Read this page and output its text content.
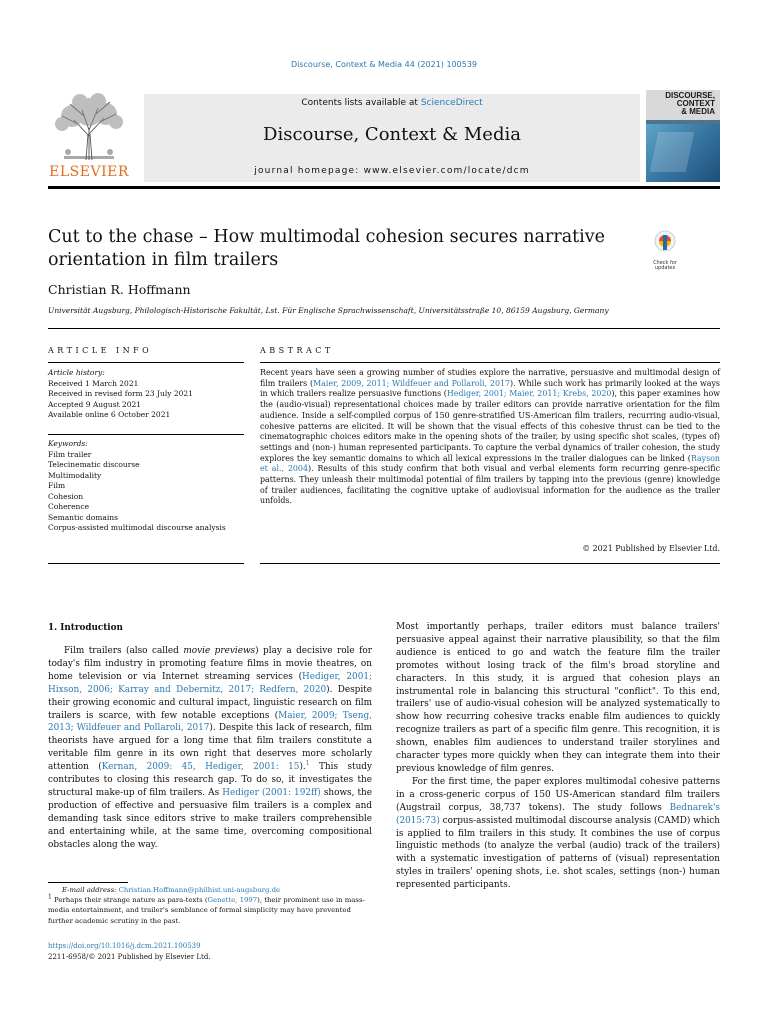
Discourse, Context & Media 44 (2021) 100539
ELSEVIER
Contents lists available at ScienceDirect
Discourse, Context & Media
journal homepage: www.elsevier.com/locate/dcm
DISCOURSE,
CONTEXT
& MEDIA
Cut to the chase – How multimodal cohesion secures narrative orientation in film trailers	Check for
updates
Christian R. Hoffmann
Universität Augsburg, Philologisch-Historische Fakultät, Lst. Für Englische Sprachwissenschaft, Universitätsstraße 10, 86159 Augsburg, Germany
ARTICLE INFO	ABSTRACT
Article history:
Received 1 March 2021
Received in revised form 23 July 2021
Accepted 9 August 2021
Available online 6 October 2021
Keywords:
Film trailer
Telecinematic discourse
Multimodality
Film
Cohesion
Coherence
Semantic domains
Corpus-assisted multimodal discourse analysis
Recent years have seen a growing number of studies explore the narrative, persuasive and multimodal design of film trailers (Maier, 2009, 2011; Wildfeuer and Pollaroli, 2017). While such work has primarily looked at the ways in which trailers realize persuasive functions (Hediger, 2001; Maier, 2011; Krebs, 2020), this paper examines how the (audio-visual) representational choices made by trailer editors can provide narrative orientation for the film audience. Inside a self-compiled corpus of 150 genre-stratified US-American film trailers, recurring audio-visual, cohesive patterns are elicited. It will be shown that the visual effects of this cohesive thrust can be tied to the cinematographic choices editors make in the opening shots of the trailer, by using specific shot scales, (types of) settings and (non-) human represented participants. To capture the verbal dynamics of trailer cohesion, the study explores the key semantic domains to which all lexical expressions in the trailer dialogues can be linked (Rayson et al., 2004). Results of this study confirm that both visual and verbal elements form recurring genre-specific patterns. They unleash their multimodal potential of film trailers by tapping into the previous (genre) knowledge of trailer audiences, facilitating the cognitive uptake of audiovisual information for the audience as the trailer unfolds.
© 2021 Published by Elsevier Ltd.
1. Introduction

Film trailers (also called movie previews) play a decisive role for today's film industry in promoting feature films in movie theatres, on home television or via Internet streaming services (Hediger, 2001; Hixson, 2006; Karray and Debernitz, 2017; Redfern, 2020). Despite their growing economic and cultural impact, linguistic research on film trailers is scarce, with few notable exceptions (Maier, 2009; Tseng, 2013; Wildfeuer and Pollaroli, 2017). Despite this lack of research, film theorists have argued for a long time that film trailers constitute a veritable film genre in its own right that deserves more scholarly attention (Kernan, 2009: 45, Hediger, 2001: 15).$^1$ This study contributes to closing this research gap. To do so, it investigates the structural make-up of film trailers. As Hediger (2001: 192ff) shows, the production of effective and persuasive film trailers is a complex and demanding task since editors strive to make trailers comprehensible and entertaining while, at the same time, overcoming compositional obstacles along the way.

Most importantly perhaps, trailer editors must balance trailers' persuasive appeal against their narrative plausibility, so that the film audience is enticed to go and watch the feature film the trailer promotes without losing track of the film's broad storyline and characters. In this study, it is argued that cohesion plays an instrumental role in balancing this structural "conflict". To this end, trailers' use of audio-visual cohesion will be analyzed systematically to show how recurring cohesive tracks enable film audiences to quickly recognize trailers as part of a specific film genre. This recognition, it is shown, enables film audiences to understand trailer storylines and character types more quickly when they can integrate them into their previous knowledge of film genres.

For the first time, the paper explores multimodal cohesive patterns in a cross-generic corpus of 150 US-American standard film trailers (Augstrail corpus, 38,737 tokens). The study follows Bednarek's (2015:73) corpus-assisted multimodal discourse analysis (CAMD) which is applied to film trailers in this study. It combines the use of corpus linguistic methods (to analyze the verbal (audio) track of the trailers) with a systematic investigation of patterns of (visual) representation styles in trailers' opening shots, i.e. shot scales, settings (non-) human represented participants.

E-mail address: Christian.Hoffmann@philhist.uni-augsburg.de

$^1$ Perhaps their strange nature as para-texts (Genette, 1997), their prominent use in mass-media entertainment, and trailer's semblance of formal simplicity may have prevented further academic scrutiny in the past.

https://doi.org/10.1016/j.dcm.2021.100539
2211-6958/© 2021 Published by Elsevier Ltd.
